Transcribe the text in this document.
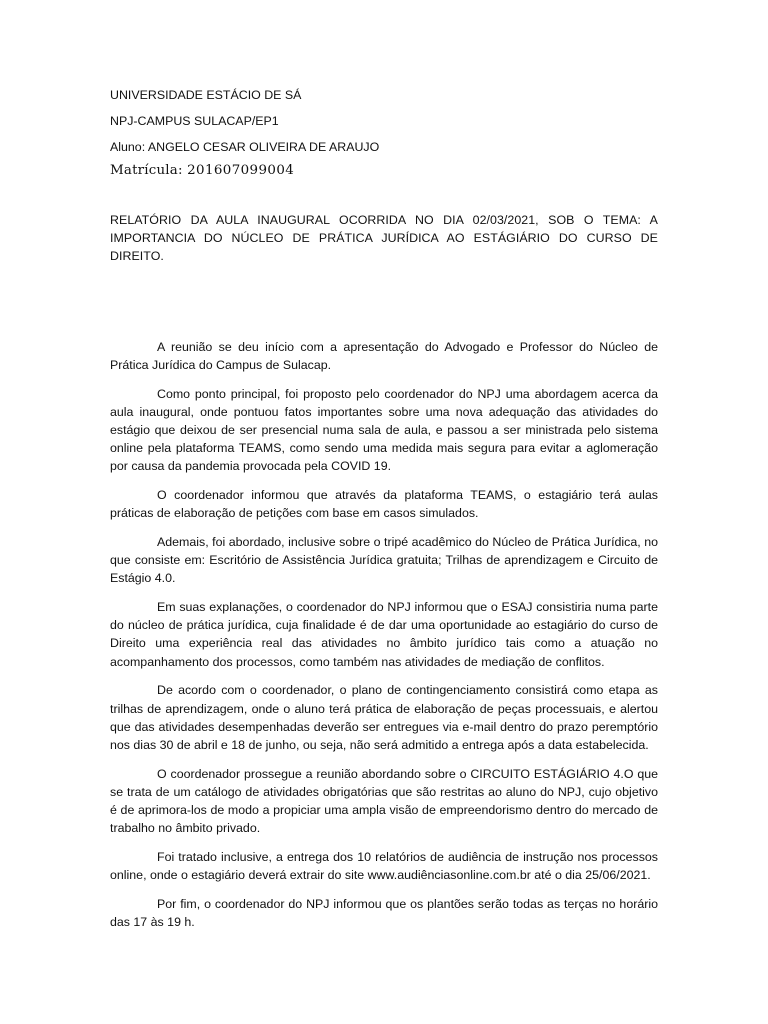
UNIVERSIDADE ESTÁCIO DE SÁ

NPJ-CAMPUS SULACAP/EP1

Aluno: ANGELO CESAR OLIVEIRA DE ARAUJO

Matrícula: 201607099004

RELATÓRIO DA AULA INAUGURAL OCORRIDA NO DIA 02/03/2021, SOB O TEMA: A IMPORTANCIA DO NÚCLEO DE PRÁTICA JURÍDICA AO ESTÁGIÁRIO DO CURSO DE DIREITO.

A reunião se deu início com a apresentação do Advogado e Professor do Núcleo de Prática Jurídica do Campus de Sulacap.

Como ponto principal, foi proposto pelo coordenador do NPJ uma abordagem acerca da aula inaugural, onde pontuou fatos importantes sobre uma nova adequação das atividades do estágio que deixou de ser presencial numa sala de aula, e passou a ser ministrada pelo sistema online pela plataforma TEAMS, como sendo uma medida mais segura para evitar a aglomeração por causa da pandemia provocada pela COVID 19.

O coordenador informou que através da plataforma TEAMS, o estagiário terá aulas práticas de elaboração de petições com base em casos simulados.

Ademais, foi abordado, inclusive sobre o tripé acadêmico do Núcleo de Prática Jurídica, no que consiste em: Escritório de Assistência Jurídica gratuita; Trilhas de aprendizagem e Circuito de Estágio 4.0.

Em suas explanações, o coordenador do NPJ informou que o ESAJ consistiria numa parte do núcleo de prática jurídica, cuja finalidade é de dar uma oportunidade ao estagiário do curso de Direito uma experiência real das atividades no âmbito jurídico tais como a atuação no acompanhamento dos processos, como também nas atividades de mediação de conflitos.

De acordo com o coordenador, o plano de contingenciamento consistirá como etapa as trilhas de aprendizagem, onde o aluno terá prática de elaboração de peças processuais, e alertou que das atividades desempenhadas deverão ser entregues via e-mail dentro do prazo peremptório nos dias 30 de abril e 18 de junho, ou seja, não será admitido a entrega após a data estabelecida.

O coordenador prossegue a reunião abordando sobre o CIRCUITO ESTÁGIÁRIO 4.O que se trata de um catálogo de atividades obrigatórias que são restritas ao aluno do NPJ, cujo objetivo é de aprimora-los de modo a propiciar uma ampla visão de empreendorismo dentro do mercado de trabalho no âmbito privado.

Foi tratado inclusive, a entrega dos 10 relatórios de audiência de instrução nos processos online, onde o estagiário deverá extrair do site www.audiênciasonline.com.br até o dia 25/06/2021.

Por fim, o coordenador do NPJ informou que os plantões serão todas as terças no horário das 17 às 19 h.
